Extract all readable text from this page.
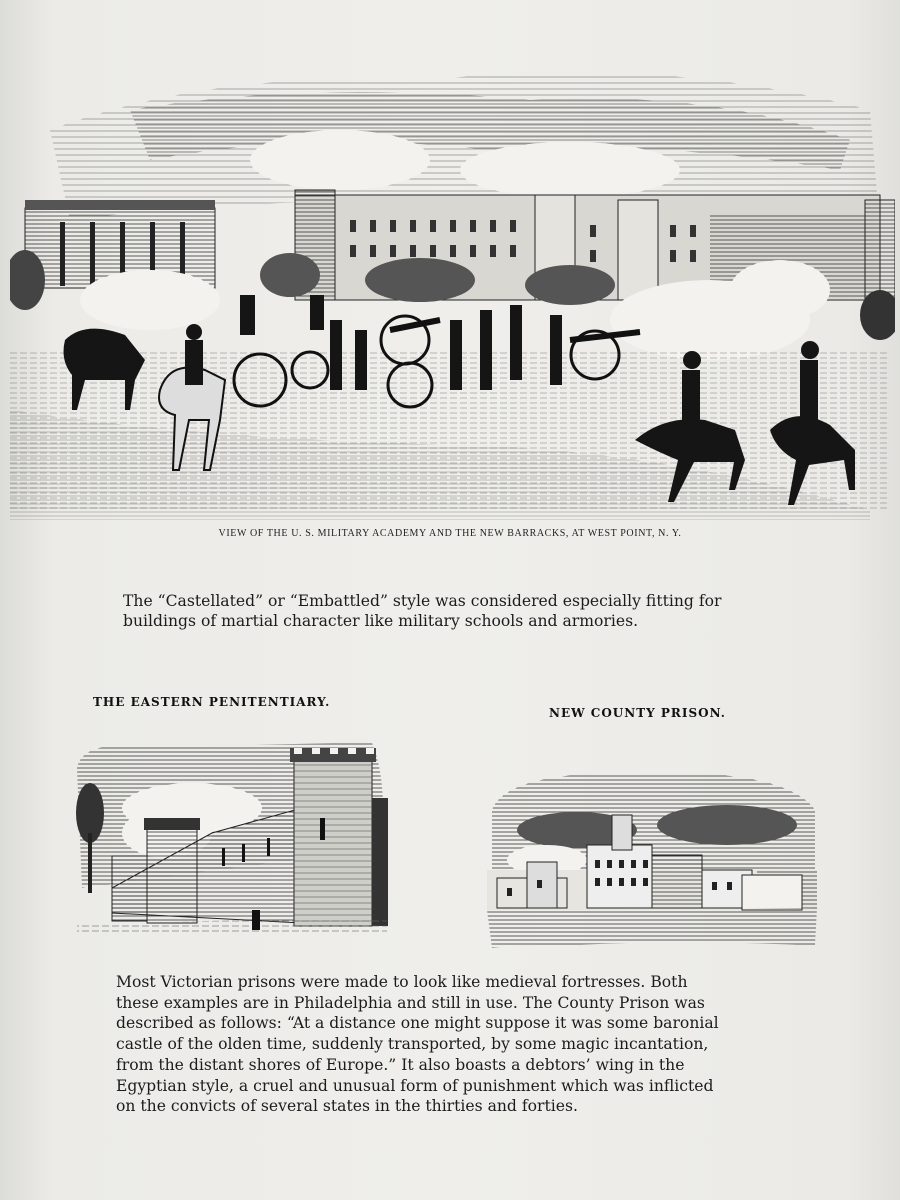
VIEW OF THE U. S. MILITARY ACADEMY AND THE NEW BARRACKS, AT WEST POINT, N. Y.
The “Castellated” or “Embattled” style was considered especially fitting for
buildings of martial character like military schools and armories.
THE EASTERN PENITENTIARY.
NEW COUNTY PRISON.
Most Victorian prisons were made to look like medieval fortresses. Both
these examples are in Philadelphia and still in use. The County Prison was
described as follows: “At a distance one might suppose it was some baronial
castle of the olden time, suddenly transported, by some magic incantation,
from the distant shores of Europe.” It also boasts a debtors’ wing in the
Egyptian style, a cruel and unusual form of punishment which was inflicted
on the convicts of several states in the thirties and forties.
